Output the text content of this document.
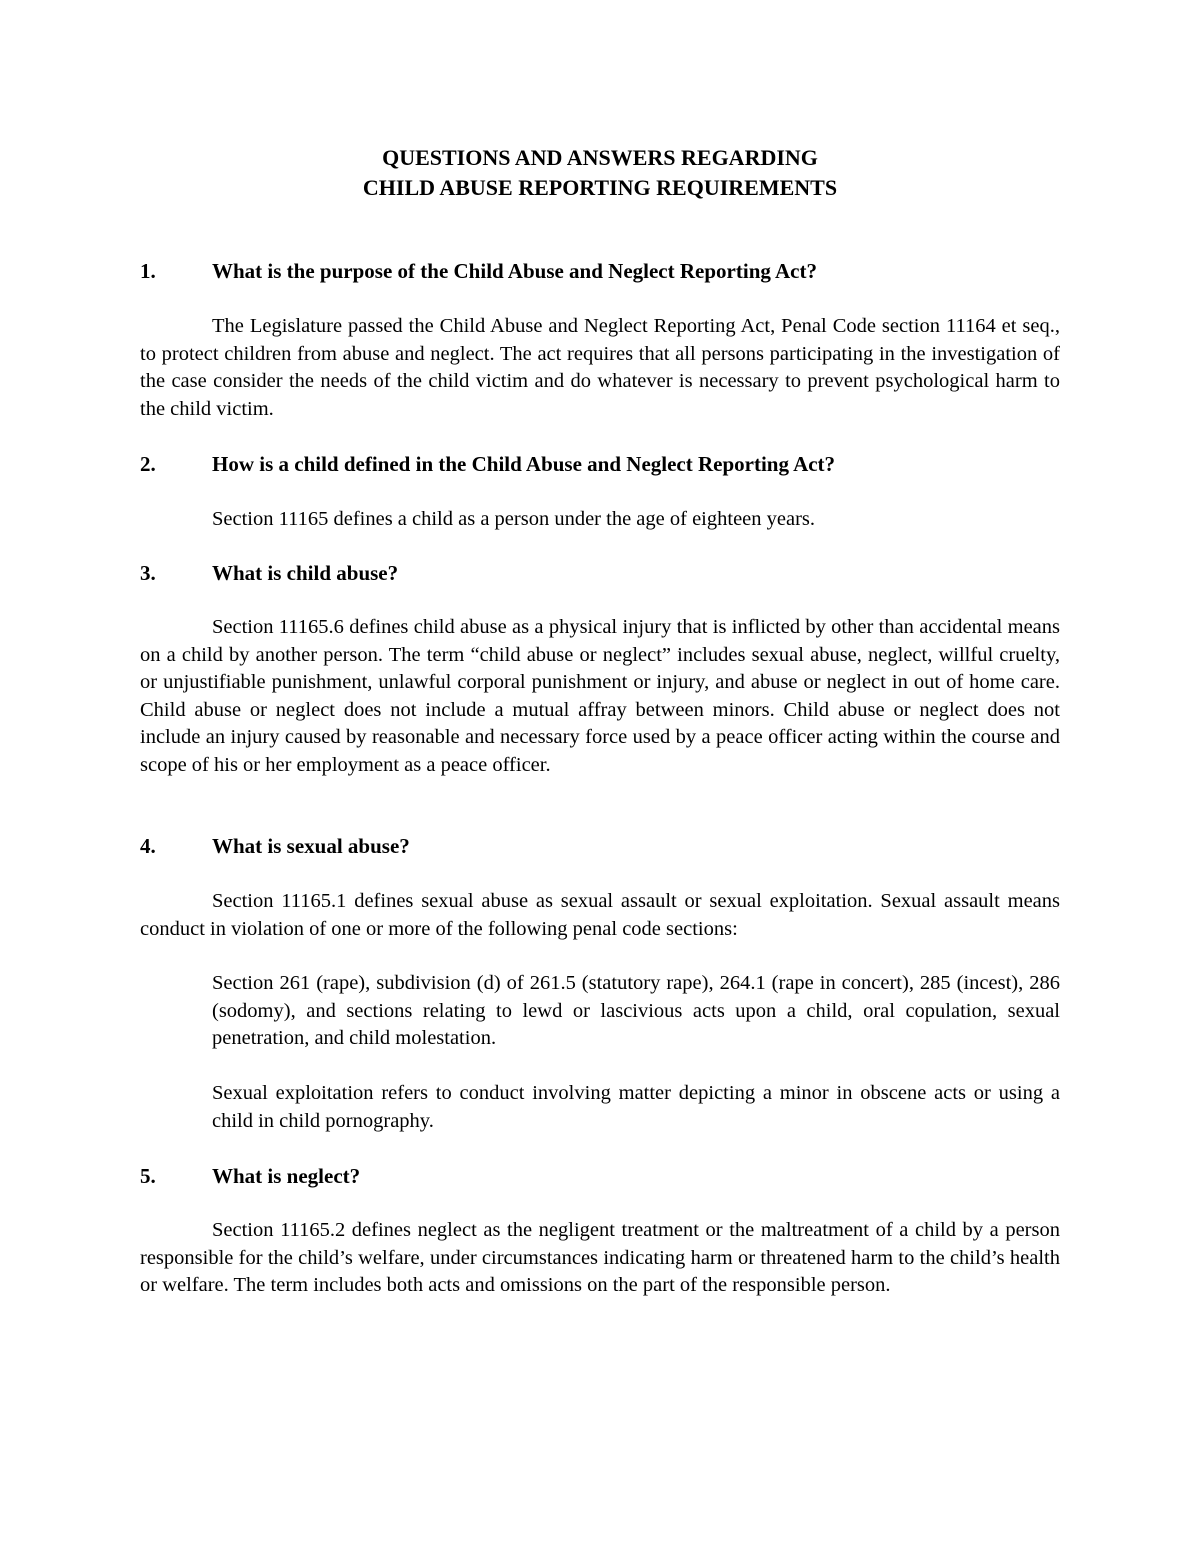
QUESTIONS AND ANSWERS REGARDING
CHILD ABUSE REPORTING REQUIREMENTS
1.	What is the purpose of the Child Abuse and Neglect Reporting Act?
The Legislature passed the Child Abuse and Neglect Reporting Act, Penal Code section 11164 et seq., to protect children from abuse and neglect. The act requires that all persons participating in the investigation of the case consider the needs of the child victim and do whatever is necessary to prevent psychological harm to the child victim.
2.	How is a child defined in the Child Abuse and Neglect Reporting Act?
Section 11165 defines a child as a person under the age of eighteen years.
3.	What is child abuse?
Section 11165.6 defines child abuse as a physical injury that is inflicted by other than accidental means on a child by another person. The term “child abuse or neglect” includes sexual abuse, neglect, willful cruelty, or unjustifiable punishment, unlawful corporal punishment or injury, and abuse or neglect in out of home care. Child abuse or neglect does not include a mutual affray between minors. Child abuse or neglect does not include an injury caused by reasonable and necessary force used by a peace officer acting within the course and scope of his or her employment as a peace officer.
4.	What is sexual abuse?
Section 11165.1 defines sexual abuse as sexual assault or sexual exploitation. Sexual assault means conduct in violation of one or more of the following penal code sections:
Section 261 (rape), subdivision (d) of 261.5 (statutory rape), 264.1 (rape in concert), 285 (incest), 286 (sodomy), and sections relating to lewd or lascivious acts upon a child, oral copulation, sexual penetration, and child molestation.
Sexual exploitation refers to conduct involving matter depicting a minor in obscene acts or using a child in child pornography.
5.	What is neglect?
Section 11165.2 defines neglect as the negligent treatment or the maltreatment of a child by a person responsible for the child’s welfare, under circumstances indicating harm or threatened harm to the child’s health or welfare. The term includes both acts and omissions on the part of the responsible person.
